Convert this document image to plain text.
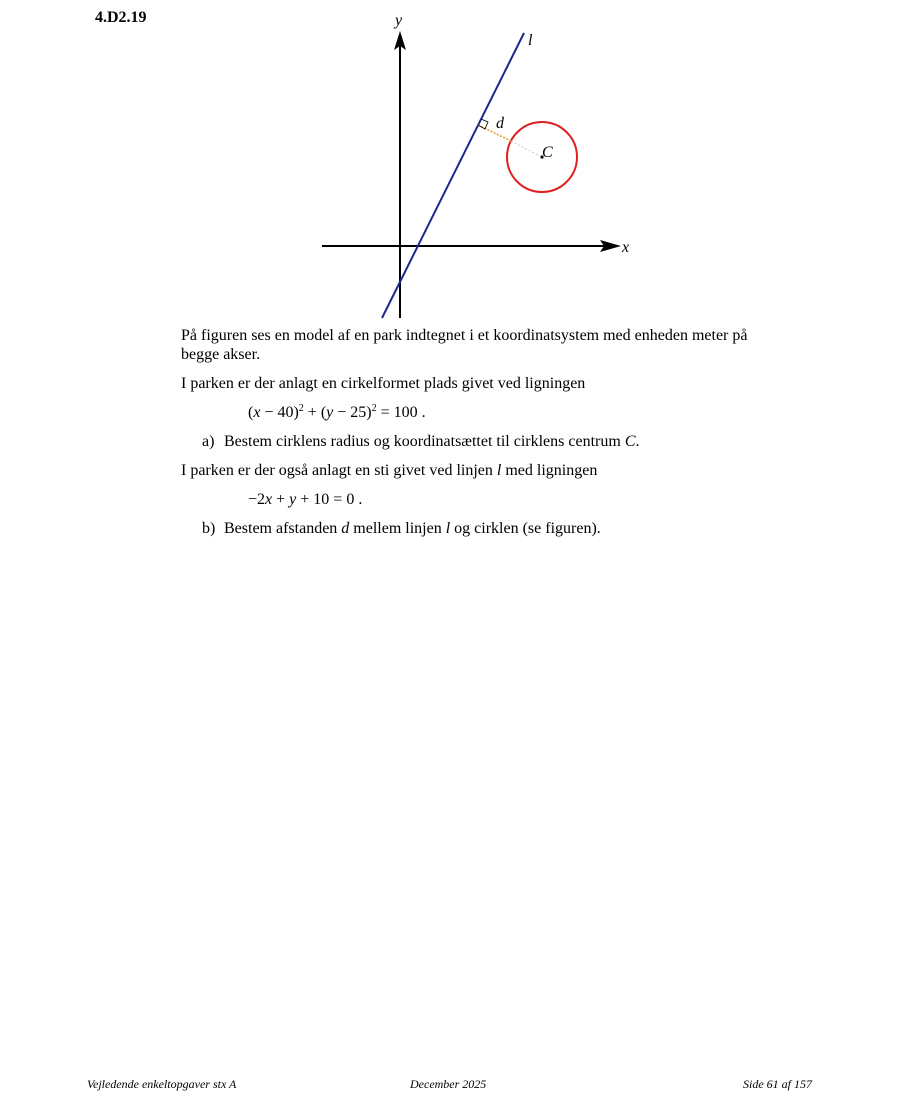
4.D2.19
x
y
l
d
C

På figuren ses en model af en park indtegnet i et koordinatsystem med enheden meter på begge akser.

I parken er der anlagt en cirkelformet plads givet ved ligningen

$(x - 40)^2 + (y - 25)^2 = 100$ .
a) Bestem cirklens radius og koordinatsættet til cirklens centrum C.

I parken er der også anlagt en sti givet ved linjen l med ligningen

−2x + y + 10 = 0 .
b) Bestem afstanden d mellem linjen l og cirklen (se figuren).
Vejledende enkeltopgaver stx A	December 2025	Side 61 af 157
